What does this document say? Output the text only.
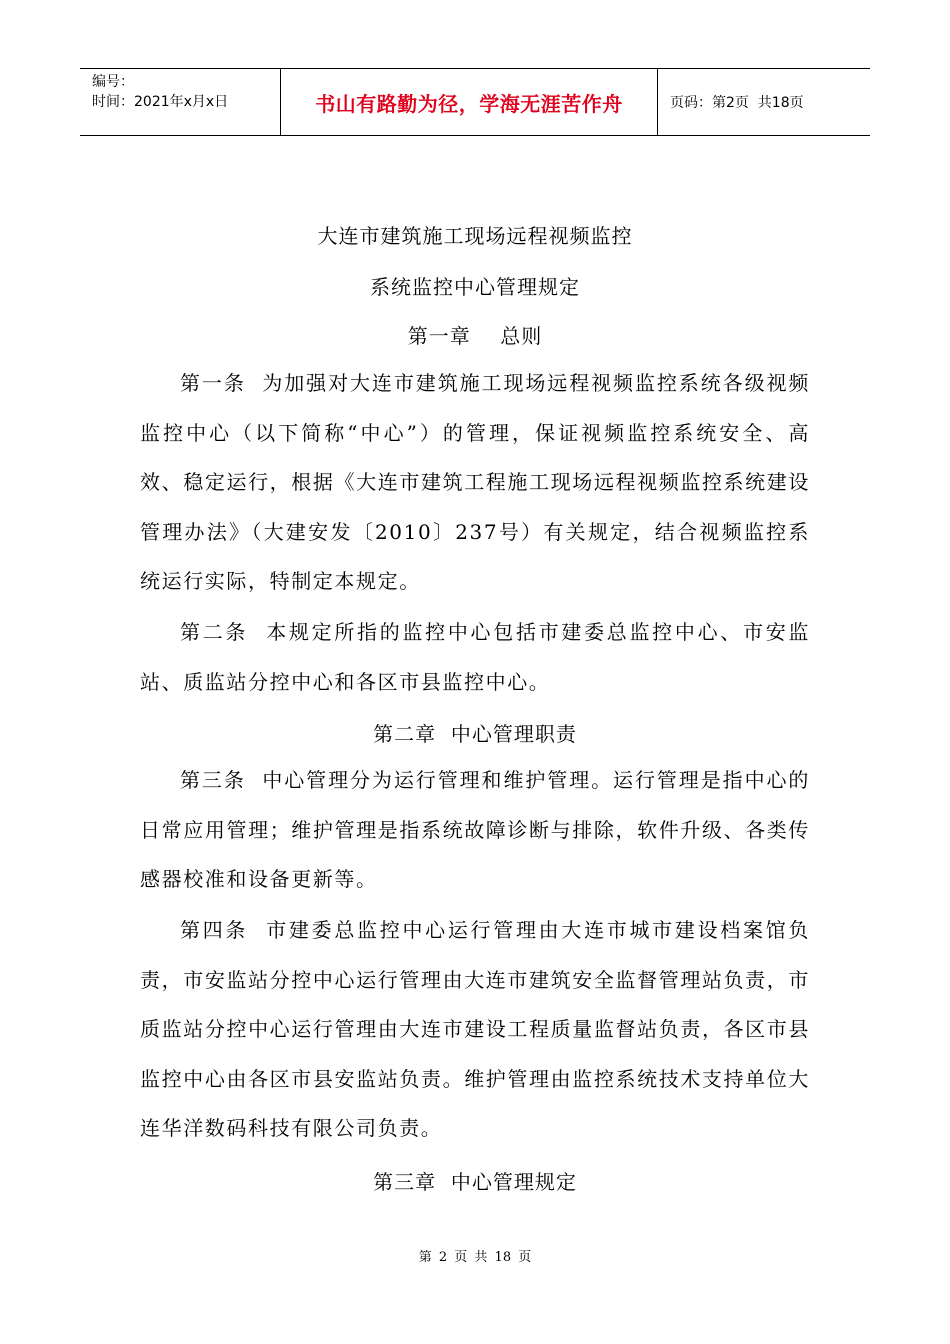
编号：
时间：2021年x月x日	书山有路勤为径，学海无涯苦作舟	页码：第2页  共18页
大连市建筑施工现场远程视频监控
系统监控中心管理规定
第一章    总则

第一条  为加强对大连市建筑施工现场远程视频监控系统各级视频监控中心（以下简称“中心”）的管理，保证视频监控系统安全、高效、稳定运行，根据《大连市建筑工程施工现场远程视频监控系统建设管理办法》（大建安发〔2010〕237号）有关规定，结合视频监控系统运行实际，特制定本规定。

第二条  本规定所指的监控中心包括市建委总监控中心、市安监站、质监站分控中心和各区市县监控中心。

第二章  中心管理职责

第三条  中心管理分为运行管理和维护管理。运行管理是指中心的日常应用管理；维护管理是指系统故障诊断与排除，软件升级、各类传感器校准和设备更新等。

第四条  市建委总监控中心运行管理由大连市城市建设档案馆负责，市安监站分控中心运行管理由大连市建筑安全监督管理站负责，市质监站分控中心运行管理由大连市建设工程质量监督站负责，各区市县监控中心由各区市县安监站负责。维护管理由监控系统技术支持单位大连华洋数码科技有限公司负责。

第三章  中心管理规定
第 2 页 共 18 页
